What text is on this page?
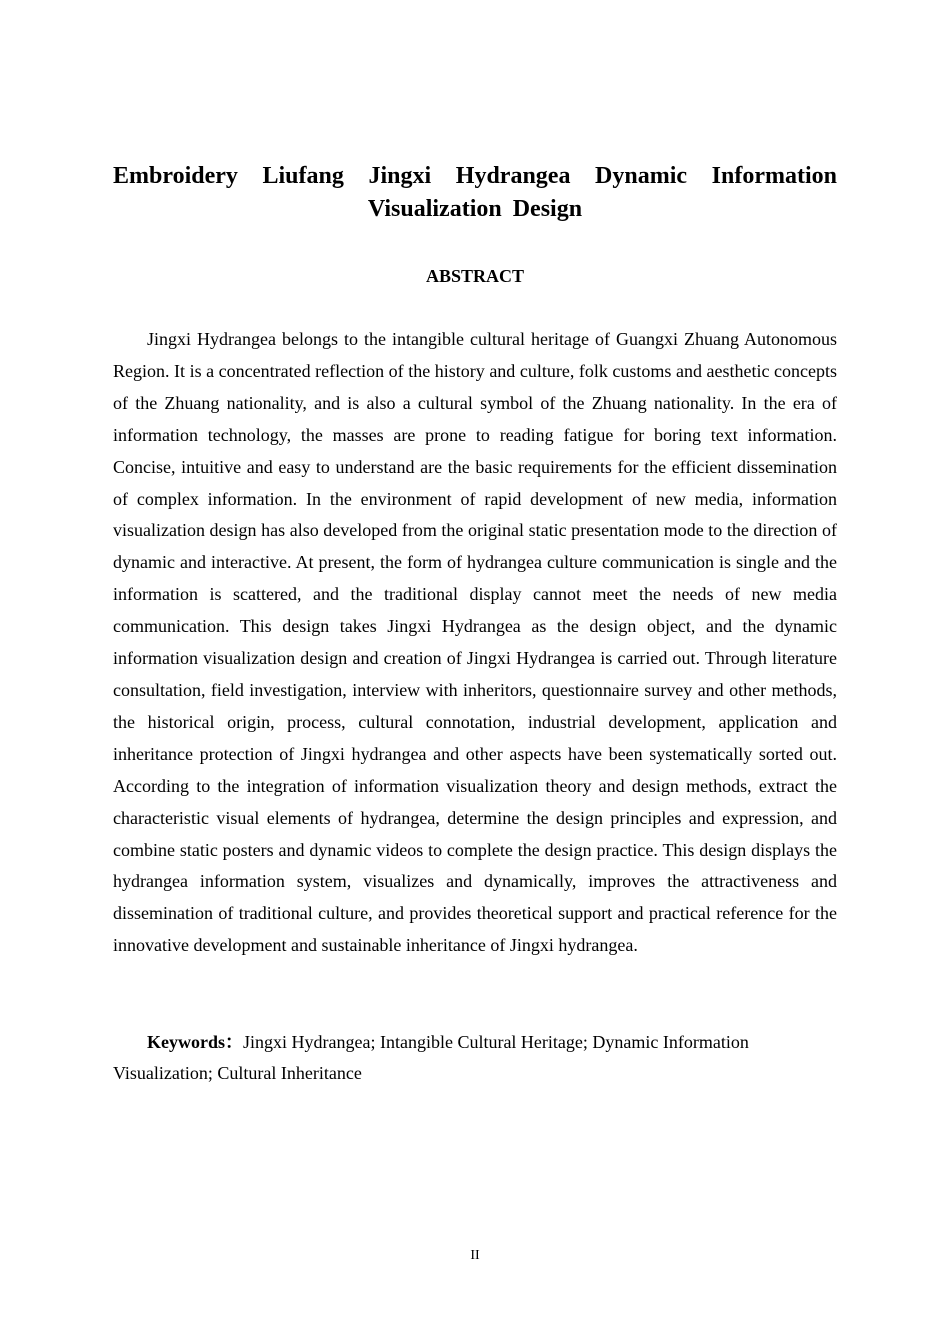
Embroidery Liufang Jingxi Hydrangea Dynamic Information Visualization Design
ABSTRACT

Jingxi Hydrangea belongs to the intangible cultural heritage of Guangxi Zhuang Autonomous Region. It is a concentrated reflection of the history and culture, folk customs and aesthetic concepts of the Zhuang nationality, and is also a cultural symbol of the Zhuang nationality. In the era of information technology, the masses are prone to reading fatigue for boring text information. Concise, intuitive and easy to understand are the basic requirements for the efficient dissemination of complex information. In the environment of rapid development of new media, information visualization design has also developed from the original static presentation mode to the direction of dynamic and interactive. At present, the form of hydrangea culture communication is single and the information is scattered, and the traditional display cannot meet the needs of new media communication. This design takes Jingxi Hydrangea as the design object, and the dynamic information visualization design and creation of Jingxi Hydrangea is carried out. Through literature consultation, field investigation, interview with inheritors, questionnaire survey and other methods, the historical origin, process, cultural connotation, industrial development, application and inheritance protection of Jingxi hydrangea and other aspects have been systematically sorted out. According to the integration of information visualization theory and design methods, extract the characteristic visual elements of hydrangea, determine the design principles and expression, and combine static posters and dynamic videos to complete the design practice. This design displays the hydrangea information system, visualizes and dynamically, improves the attractiveness and dissemination of traditional culture, and provides theoretical support and practical reference for the innovative development and sustainable inheritance of Jingxi hydrangea.

Keywords：Jingxi Hydrangea; Intangible Cultural Heritage; Dynamic Information Visualization; Cultural Inheritance

II
